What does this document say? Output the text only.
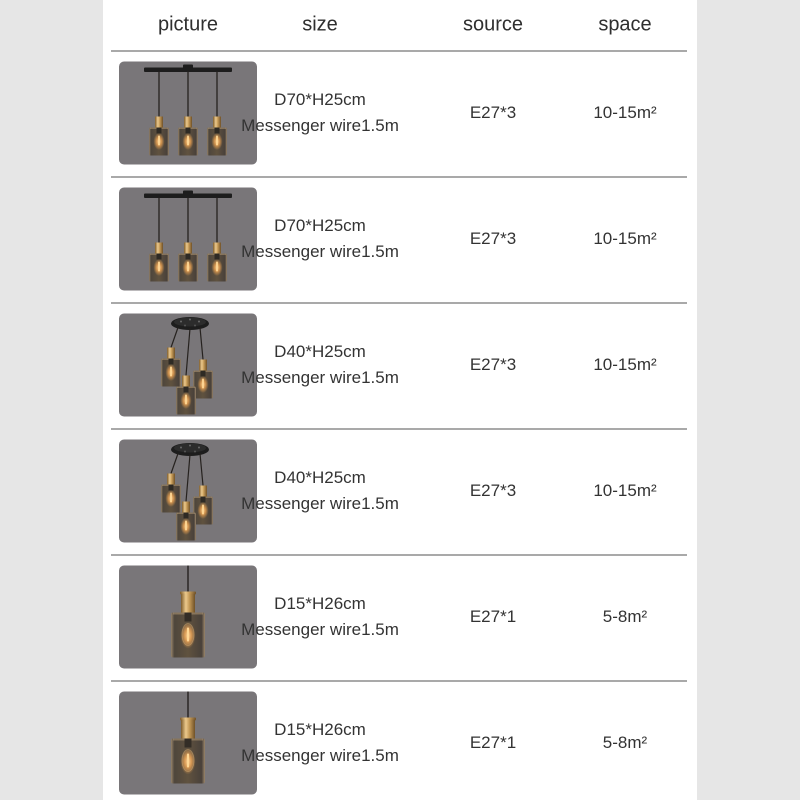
picture	size	source	space
D70*H25cm
Messenger wire1.5m
E27*3	10-15m²
D70*H25cm
Messenger wire1.5m
E27*3	10-15m²
D40*H25cm
Messenger wire1.5m
E27*3	10-15m²
D40*H25cm
Messenger wire1.5m
E27*3	10-15m²
D15*H26cm
Messenger wire1.5m
E27*1	5-8m²
D15*H26cm
Messenger wire1.5m
E27*1	5-8m²
